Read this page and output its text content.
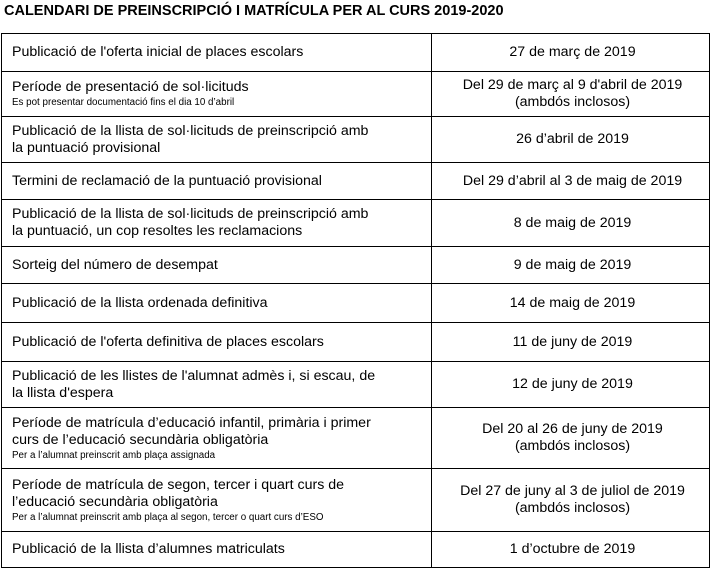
CALENDARI DE PREINSCRIPCIÓ I MATRÍCULA PER AL CURS 2019-2020
Publicació de l'oferta inicial de places escolars	27 de març de 2019

Període de presentació de sol·licituds
Es pot presentar documentació fins el dia 10 d’abril	Del 29 de març al 9 d'abril de 2019
(ambdós inclosos)

Publicació de la llista de sol·licituds de preinscripció amb
la puntuació provisional	26 d’abril de 2019

Termini de reclamació de la puntuació provisional	Del 29 d’abril al 3 de maig de 2019

Publicació de la llista de sol·licituds de preinscripció amb
la puntuació, un cop resoltes les reclamacions	8 de maig de 2019

Sorteig del número de desempat	9 de maig de 2019

Publicació de la llista ordenada definitiva	14 de maig de 2019

Publicació de l'oferta definitiva de places escolars	11 de juny de 2019

Publicació de les llistes de l'alumnat admès i, si escau, de
la llista d'espera	12 de juny de 2019

Període de matrícula d’educació infantil, primària i primer
curs de l’educació secundària obligatòria
Per a l’alumnat preinscrit amb plaça assignada	Del 20 al 26 de juny de 2019
(ambdós inclosos)

Període de matrícula de segon, tercer i quart curs de
l’educació secundària obligatòria
Per a l’alumnat preinscrit amb plaça al segon, tercer o quart curs d’ESO	Del 27 de juny al 3 de juliol de 2019
(ambdós inclosos)

Publicació de la llista d’alumnes matriculats	1 d’octubre de 2019
